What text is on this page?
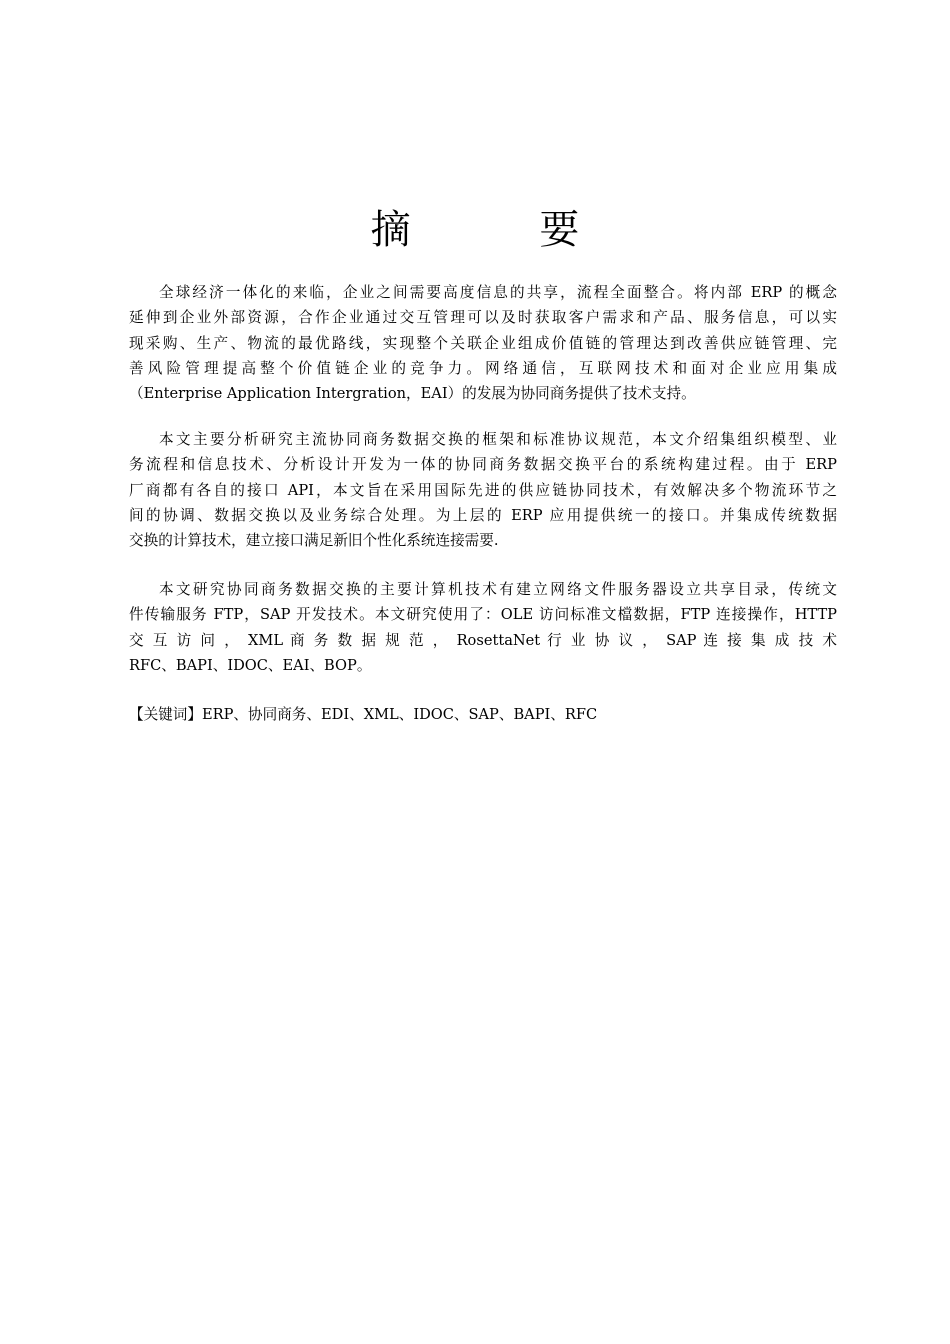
摘 要
全球经济一体化的来临，企业之间需要高度信息的共享，流程全面整合。将内部 ERP 的概念
延伸到企业外部资源，合作企业通过交互管理可以及时获取客户需求和产品、服务信息，可以实
现采购、生产、物流的最优路线，实现整个关联企业组成价值链的管理达到改善供应链管理、完
善风险管理提高整个价值链企业的竞争力。网络通信，互联网技术和面对企业应用集成
（Enterprise Application Intergration，EAI）的发展为协同商务提供了技术支持。
本文主要分析研究主流协同商务数据交换的框架和标准协议规范，本文介绍集组织模型、业
务流程和信息技术、分析设计开发为一体的协同商务数据交换平台的系统构建过程。由于 ERP
厂商都有各自的接口 API，本文旨在采用国际先进的供应链协同技术，有效解决多个物流环节之
间的协调、数据交换以及业务综合处理。为上层的 ERP 应用提供统一的接口。并集成传统数据
交换的计算技术，建立接口满足新旧个性化系统连接需要.
本文研究协同商务数据交换的主要计算机技术有建立网络文件服务器设立共享目录，传统文
件传输服务 FTP，SAP 开发技术。本文研究使用了：OLE 访问标准文檔数据，FTP 连接操作，HTTP
交 互 访 问 ， XML 商 务 数 据 规 范 ， RosettaNet 行 业 协 议 ， SAP 连 接 集 成 技 术
RFC、BAPI、IDOC、EAI、BOP。
【关键词】ERP、协同商务、EDI、XML、IDOC、SAP、BAPI、RFC
